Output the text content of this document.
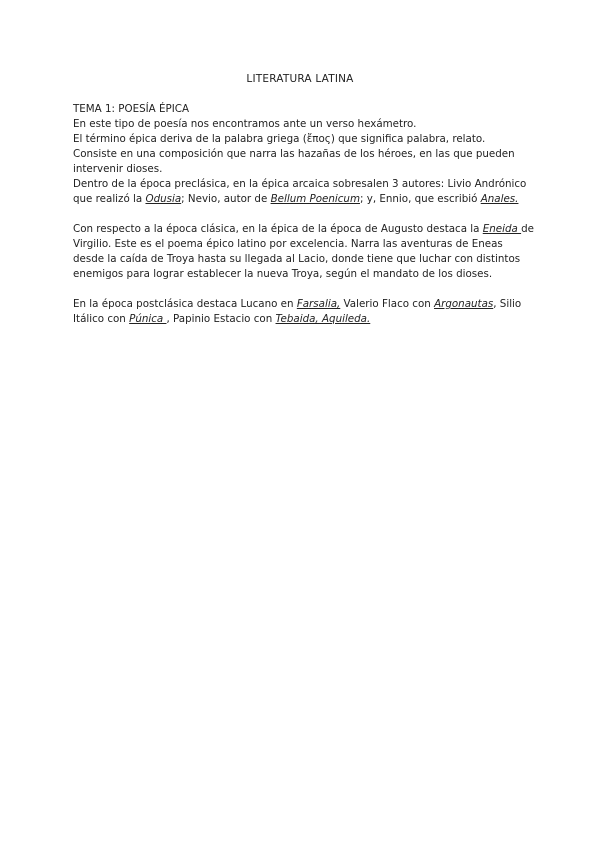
LITERATURA LATINA

TEMA 1: POESÍA ÉPICA

En este tipo de poesía nos encontramos ante un verso hexámetro.
El término épica deriva de la palabra griega (ἔπος) que significa palabra, relato.
Consiste en una composición que narra las hazañas de los héroes, en las que pueden intervenir dioses.
Dentro de la época preclásica, en la épica arcaica sobresalen 3 autores: Livio Andrónico que realizó la Odusia; Nevio, autor de Bellum Poenicum; y, Ennio, que escribió Anales.

Con respecto a la época clásica, en la épica de la época de Augusto destaca la Eneida de Virgilio. Este es el poema épico latino por excelencia. Narra las aventuras de Eneas desde la caída de Troya hasta su llegada al Lacio, donde tiene que luchar con distintos enemigos para lograr establecer la nueva Troya, según el mandato de los dioses.

En la época postclásica destaca Lucano en Farsalia, Valerio Flaco con Argonautas, Silio Itálico con Púnica , Papinio Estacio con Tebaida, Aquileda.
